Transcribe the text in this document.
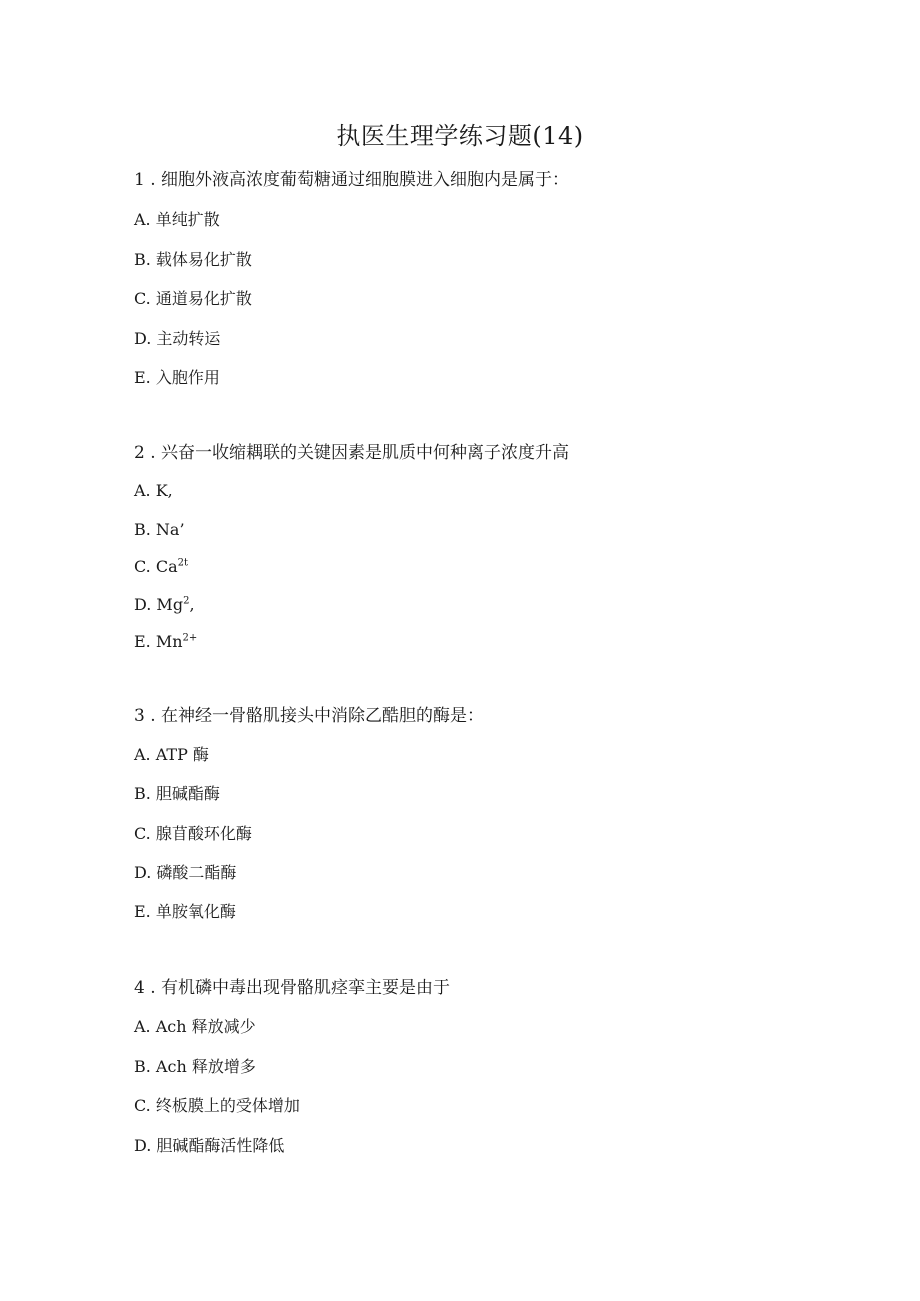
执医生理学练习题(14)
1 . 细胞外液高浓度葡萄糖通过细胞膜进入细胞内是属于：
A. 单纯扩散
B. 载体易化扩散
C. 通道易化扩散
D. 主动转运
E. 入胞作用
2 . 兴奋一收缩耦联的关键因素是肌质中何种离子浓度升高
A. K,
B. Na’
C. $Ca^{2t}$
D. Mg$^2$,
E. $Mn^{2+}$
3 . 在神经一骨骼肌接头中消除乙酷胆的酶是：
A. ATP 酶
B. 胆碱酯酶
C. 腺苜酸环化酶
D. 磷酸二酯酶
E. 单胺氧化酶
4 . 有机磷中毒出现骨骼肌痉挛主要是由于
A. Ach 释放减少
B. Ach 释放增多
C. 终板膜上的受体增加
D. 胆碱酯酶活性降低
